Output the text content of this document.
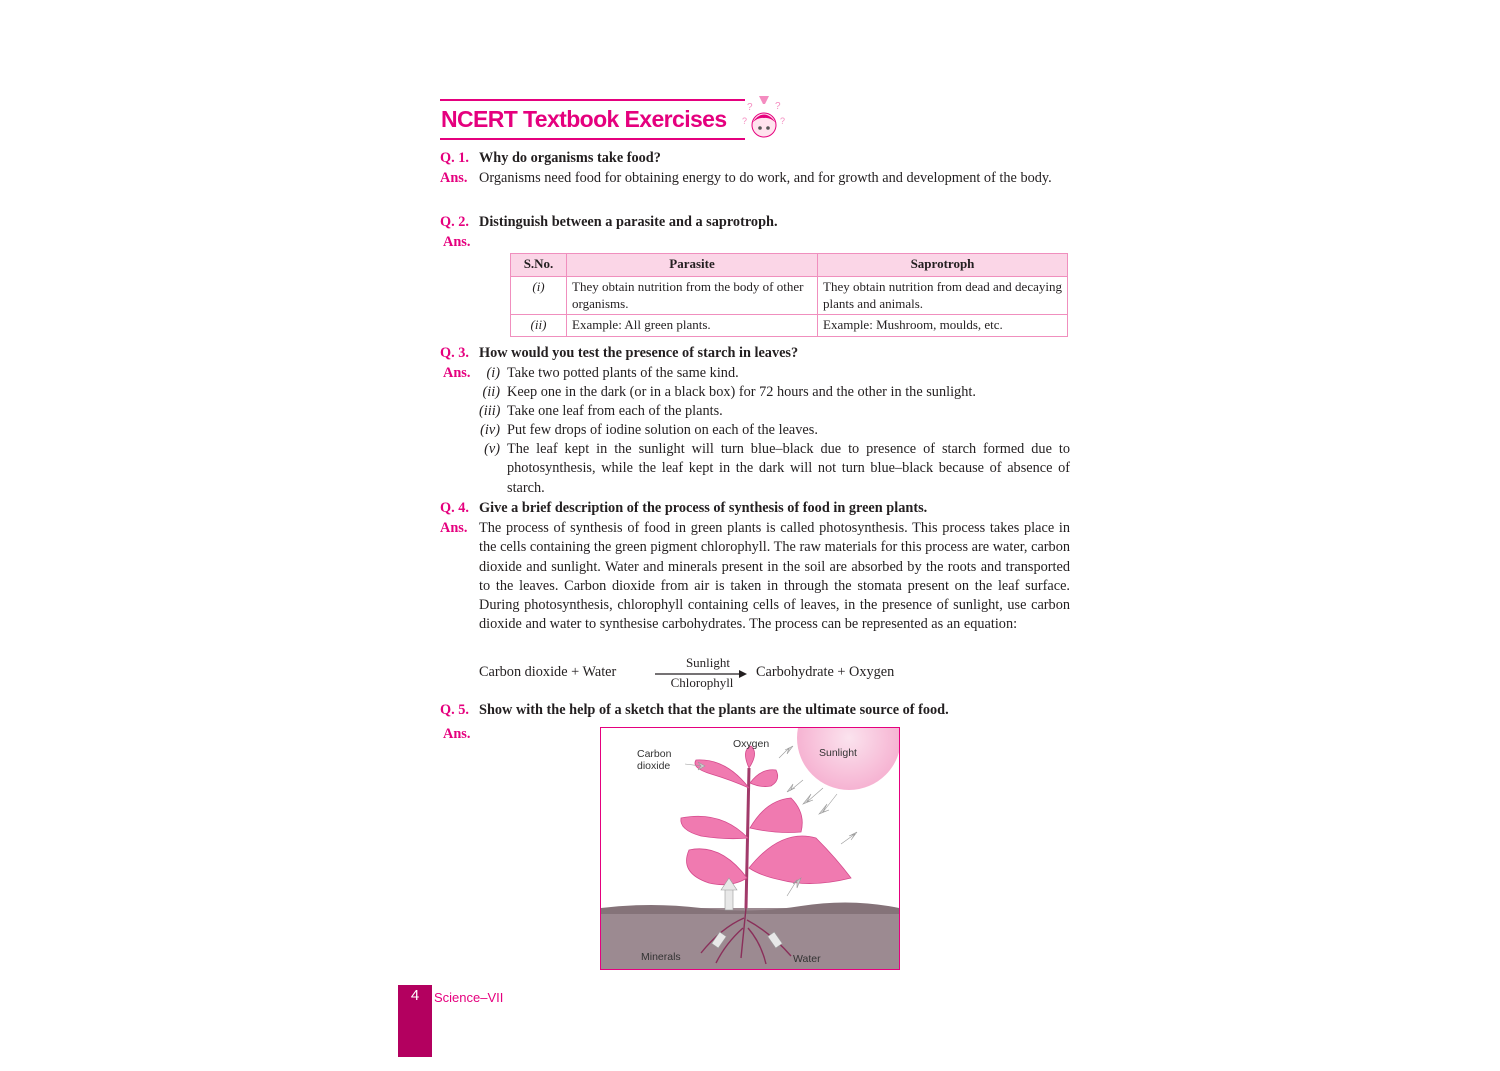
NCERT Textbook Exercises ? ?
?	?
Q. 1. Why do organisms take food?
Ans. Organisms need food for obtaining energy to do work, and for growth and development of the body.
Q. 2. Distinguish between a parasite and a saprotroph.
Ans.
S.No.	Parasite	Saprotroph
(i)	They obtain nutrition from the body of other organisms.	They obtain nutrition from dead and decaying plants and animals.
(ii)	Example: All green plants.	Example: Mushroom, moulds, etc.
Q. 3. How would you test the presence of starch in leaves?
Ans.	(i) Take two potted plants of the same kind.
(ii) Keep one in the dark (or in a black box) for 72 hours and the other in the sunlight.
(iii) Take one leaf from each of the plants.
(iv) Put few drops of iodine solution on each of the leaves.
(v) The leaf kept in the sunlight will turn blue–black due to presence of starch formed due to photosynthesis, while the leaf kept in the dark will not turn blue–black because of absence of starch.
Q. 4. Give a brief description of the process of synthesis of food in green plants.
Ans. The process of synthesis of food in green plants is called photosynthesis. This process takes place in the cells containing the green pigment chlorophyll. The raw materials for this process are water, carbon dioxide and sunlight. Water and minerals present in the soil are absorbed by the roots and transported to the leaves. Carbon dioxide from air is taken in through the stomata present on the leaf surface. During photosynthesis, chlorophyll containing cells of leaves, in the presence of sunlight, use carbon dioxide and water to synthesise carbohydrates. The process can be represented as an equation:
Carbon dioxide + Water
Sunlight
Chlorophyll
Carbohydrate + Oxygen
Q. 5. Show with the help of a sketch that the plants are the ultimate source of food.
Ans.
Carbon
dioxide
Oxygen
Sunlight
Minerals	Water
4	Science–VII
